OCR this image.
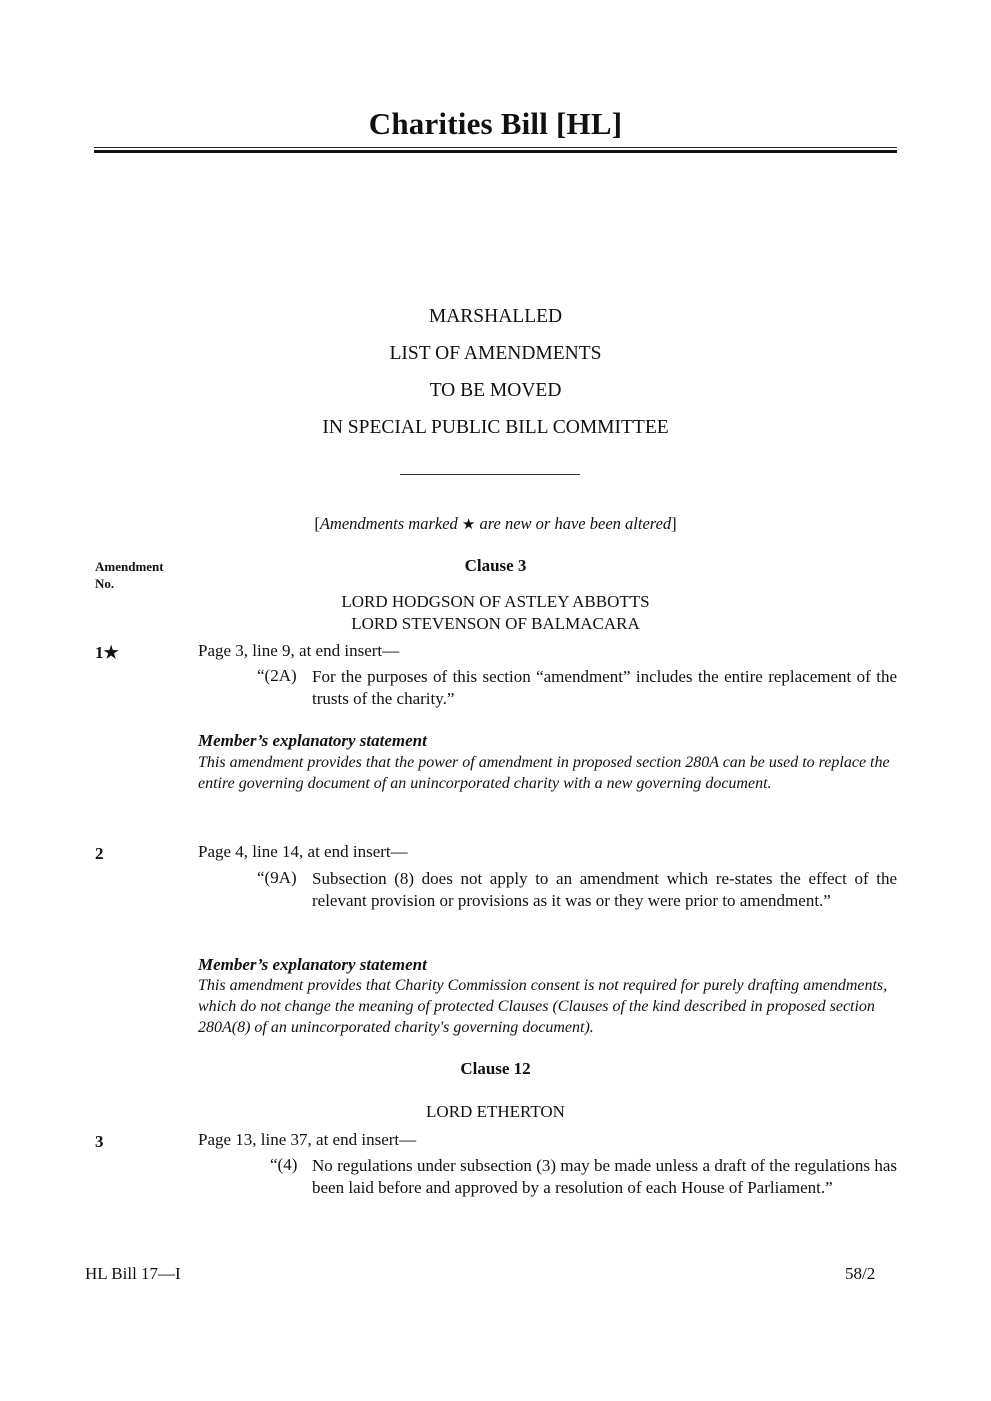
Charities Bill [HL]
MARSHALLED
LIST OF AMENDMENTS
TO BE MOVED
IN SPECIAL PUBLIC BILL COMMITTEE
[Amendments marked ★ are new or have been altered]
Amendment No.
Clause 3
LORD HODGSON OF ASTLEY ABBOTTS
LORD STEVENSON OF BALMACARA
1★	Page 3, line 9, at end insert—
“(2A) For the purposes of this section “amendment” includes the entire replacement of the trusts of the charity.”
Member’s explanatory statement
This amendment provides that the power of amendment in proposed section 280A can be used to replace the entire governing document of an unincorporated charity with a new governing document.
2	Page 4, line 14, at end insert—
“(9A) Subsection (8) does not apply to an amendment which re-states the effect of the relevant provision or provisions as it was or they were prior to amendment.”
Member’s explanatory statement
This amendment provides that Charity Commission consent is not required for purely drafting amendments, which do not change the meaning of protected Clauses (Clauses of the kind described in proposed section 280A(8) of an unincorporated charity's governing document).
Clause 12
LORD ETHERTON
3	Page 13, line 37, at end insert—
“(4) No regulations under subsection (3) may be made unless a draft of the regulations has been laid before and approved by a resolution of each House of Parliament.”
HL Bill 17—I	58/2
